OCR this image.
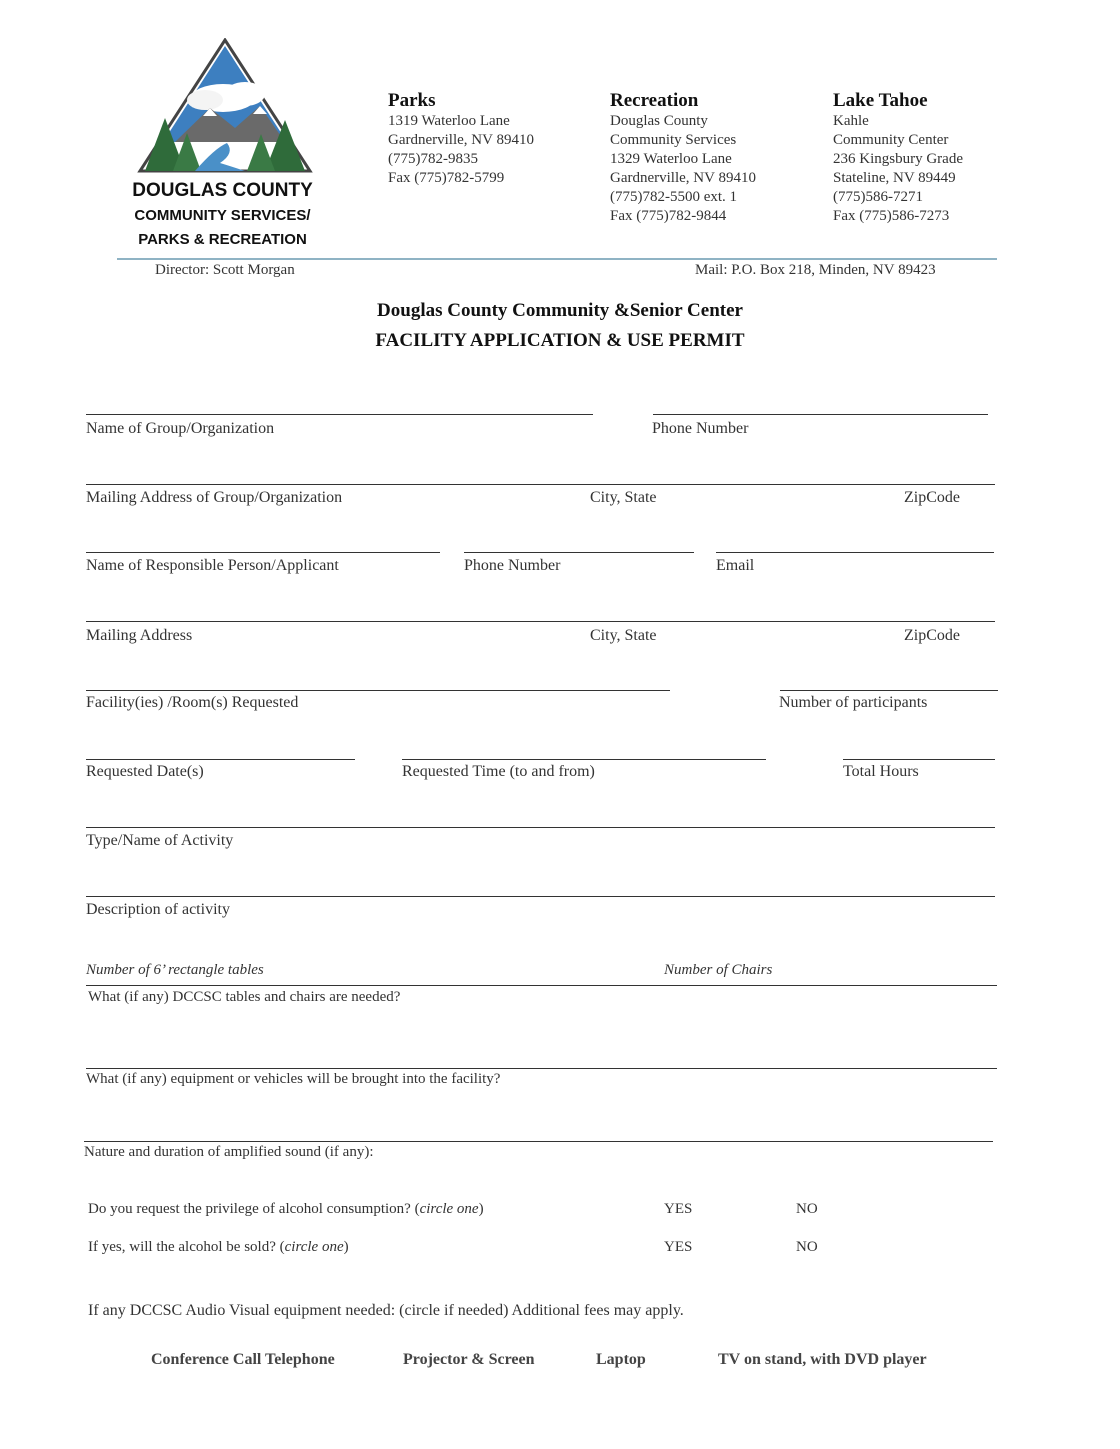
DOUGLAS COUNTY
COMMUNITY SERVICES/
PARKS & RECREATION
Parks
1319 Waterloo Lane
Gardnerville, NV 89410
(775)782-9835
Fax (775)782-5799
Recreation
Douglas County
Community Services
1329 Waterloo Lane
Gardnerville, NV 89410
(775)782-5500 ext. 1
Fax (775)782-9844
Lake Tahoe
Kahle
Community Center
236 Kingsbury Grade
Stateline, NV 89449
(775)586-7271
Fax (775)586-7273
Director: Scott Morgan	Mail: P.O. Box 218, Minden, NV 89423
Douglas County Community &Senior Center
FACILITY APPLICATION & USE PERMIT
Name of Group/Organization	Phone Number
Mailing Address of Group/Organization	City, State	ZipCode
Name of Responsible Person/Applicant	Phone Number	Email
Mailing Address	City, State	ZipCode
Facility(ies) /Room(s) Requested	Number of participants
Requested Date(s)	Requested Time (to and from)	Total Hours
Type/Name of Activity
Description of activity
Number of 6’ rectangle tables	Number of Chairs
What (if any) DCCSC tables and chairs are needed?
What (if any) equipment or vehicles will be brought into the facility?
Nature and duration of amplified sound (if any):
Do you request the privilege of alcohol consumption? (circle one)	YES	NO
If yes, will the alcohol be sold? (circle one)	YES	NO
If any DCCSC Audio Visual equipment needed: (circle if needed) Additional fees may apply.
Conference Call Telephone	Projector & Screen	Laptop	TV on stand, with DVD player
